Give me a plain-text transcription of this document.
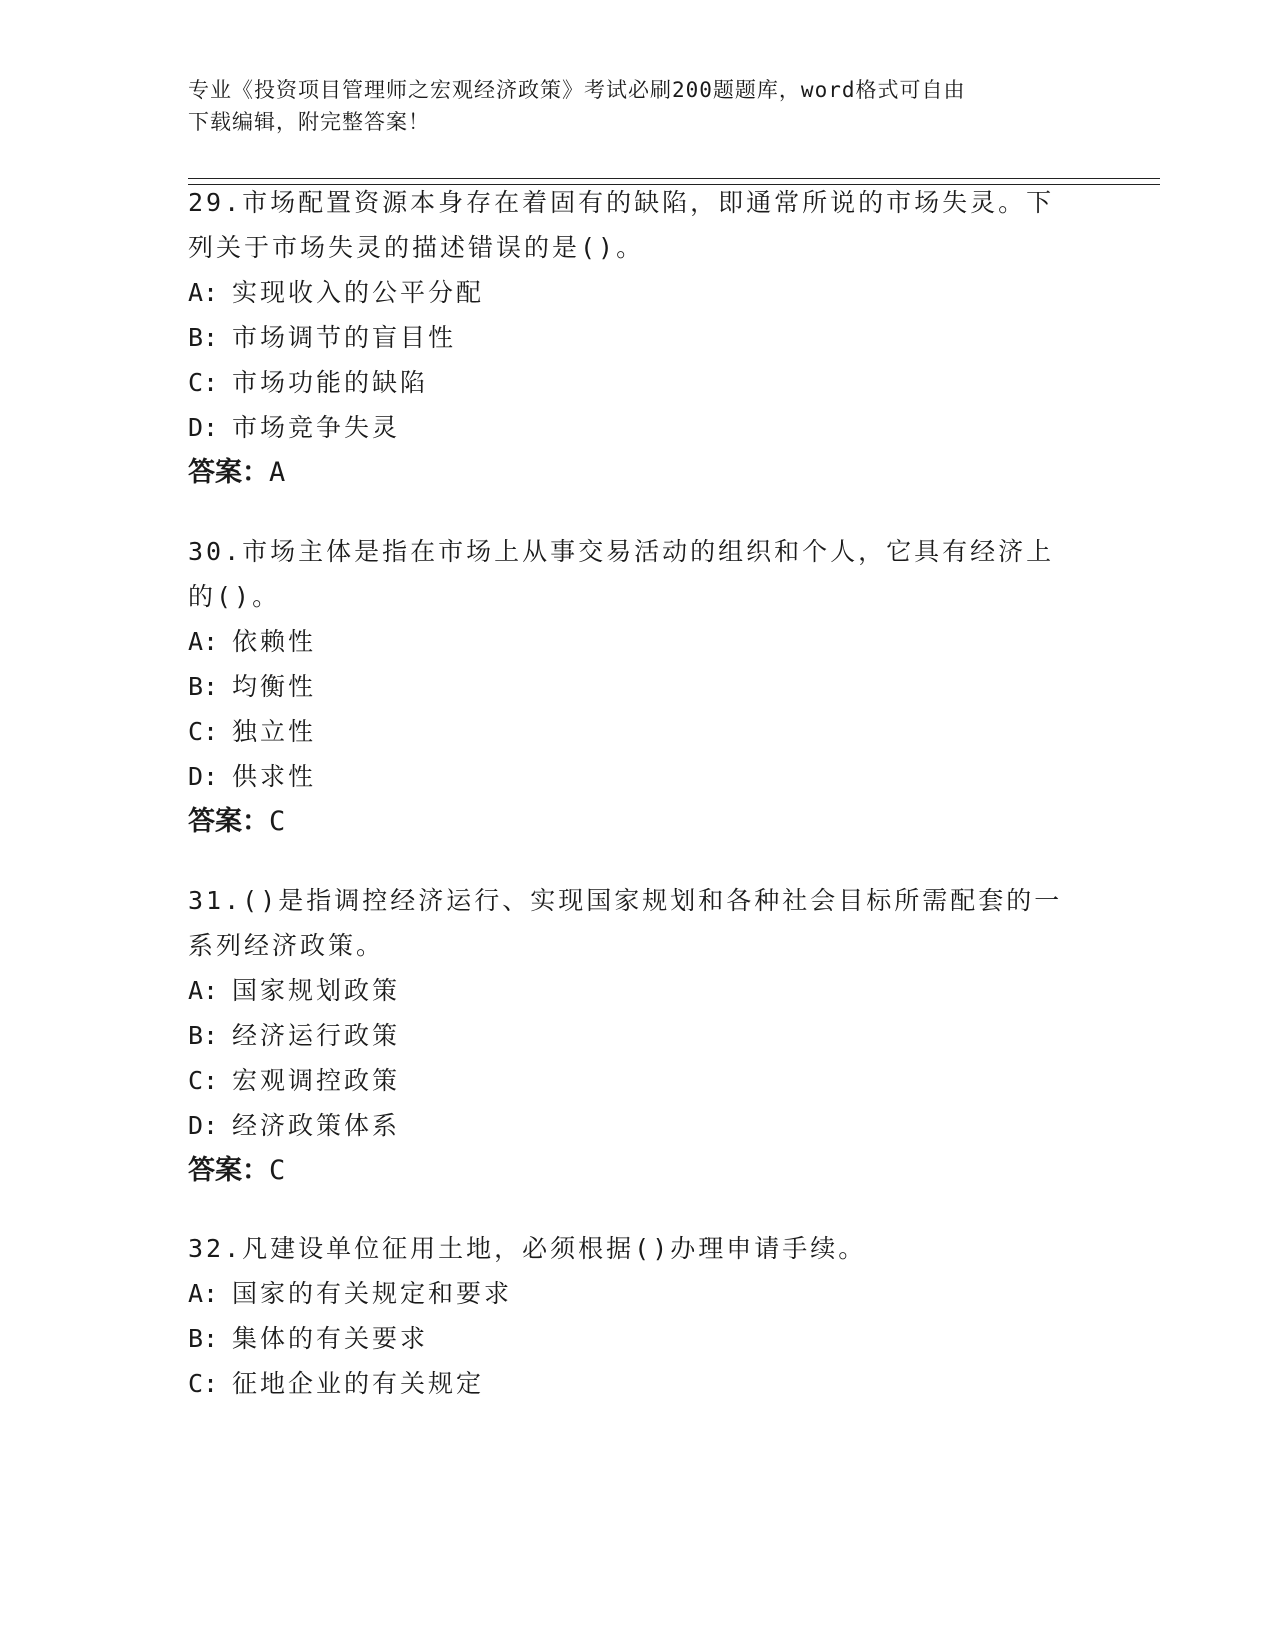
专业《投资项目管理师之宏观经济政策》考试必刷200题题库，word格式可自由
下载编辑，附完整答案！

29.市场配置资源本身存在着固有的缺陷，即通常所说的市场失灵。下

列关于市场失灵的描述错误的是()。

A: 实现收入的公平分配

B: 市场调节的盲目性

C: 市场功能的缺陷

D: 市场竞争失灵

答案：A

30.市场主体是指在市场上从事交易活动的组织和个人，它具有经济上

的()。

A: 依赖性

B: 均衡性

C: 独立性

D: 供求性

答案：C

31.()是指调控经济运行、实现国家规划和各种社会目标所需配套的一

系列经济政策。

A: 国家规划政策

B: 经济运行政策

C: 宏观调控政策

D: 经济政策体系

答案：C

32.凡建设单位征用土地，必须根据()办理申请手续。

A: 国家的有关规定和要求

B: 集体的有关要求

C: 征地企业的有关规定
